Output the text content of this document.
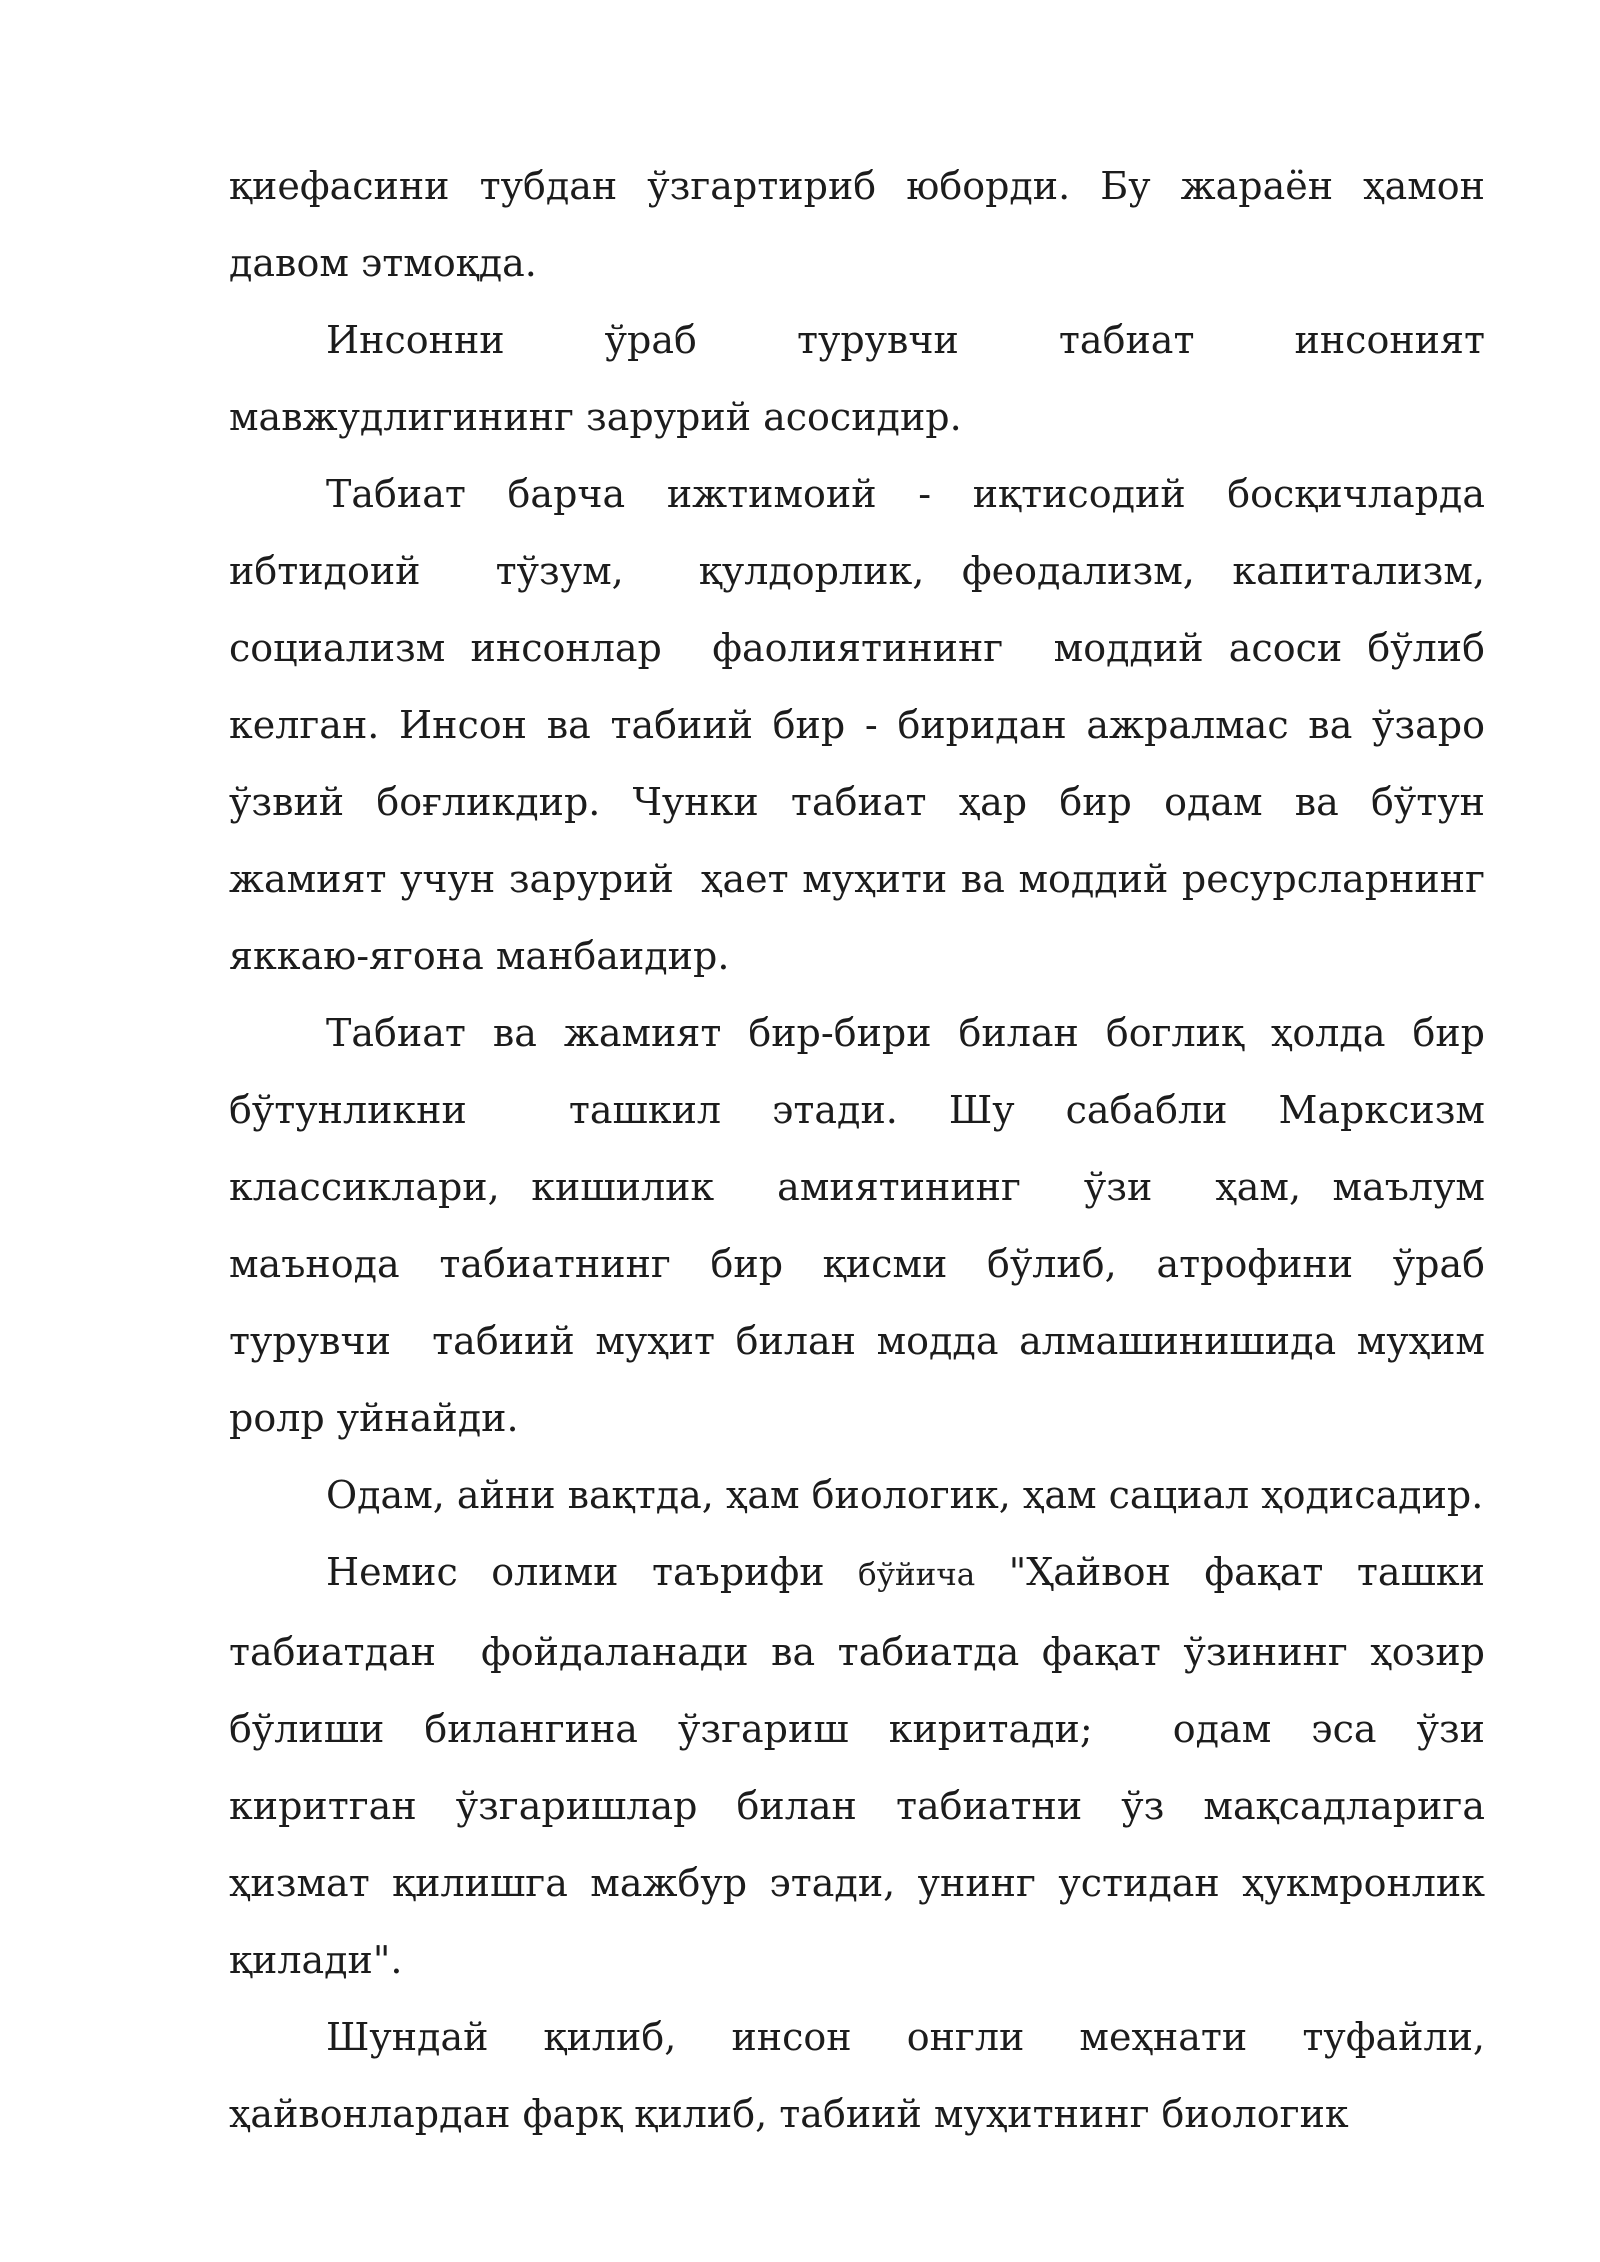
қиефасини тубдан ўзгартириб юборди. Бу жараён ҳамон  давом этмоқда.

Инсонни ўраб турувчи табиат инсоният   мавжудлигининг зарурий асосидир.

Табиат барча ижтимоий - иқтисодий босқичларда ибтидоий  тўзум,  қулдорлик, феодализм, капитализм, социализм инсонлар  фаолиятининг  моддий асоси бўлиб келган. Инсон ва табиий бир - биридан ажралмас ва ўзаро  ўзвий боғликдир. Чунки табиат ҳар бир одам ва бўтун жамият учун зарурий  ҳает муҳити ва моддий ресурсларнинг яккаю-ягона манбаидир.

Табиат ва жамият бир-бири билан боглиқ ҳолда бир бўтунликни  ташкил этади. Шу сабабли Марксизм классиклари, кишилик  амиятининг  ўзи  ҳам, маълум маънода табиатнинг бир қисми бўлиб, атрофини ўраб турувчи  табиий муҳит билан модда алмашинишида муҳим ролр уйнайди.

Одам, айни вақтда, ҳам биологик, ҳам сациал ҳодисадир.

Немис олими таърифи бўйича "Ҳайвон фақат ташки табиатдан  фойдаланади ва табиатда фақат ўзининг ҳозир бўлиши билангина ўзгариш киритади;  одам эса ўзи киритган ўзгаришлар билан табиатни ўз мақсадларига ҳизмат қилишга мажбур этади, унинг устидан ҳукмронлик қилади".

Шундай қилиб, инсон онгли меҳнати туфайли, ҳайвонлардан фарқ қилиб, табиий муҳитнинг биологик
